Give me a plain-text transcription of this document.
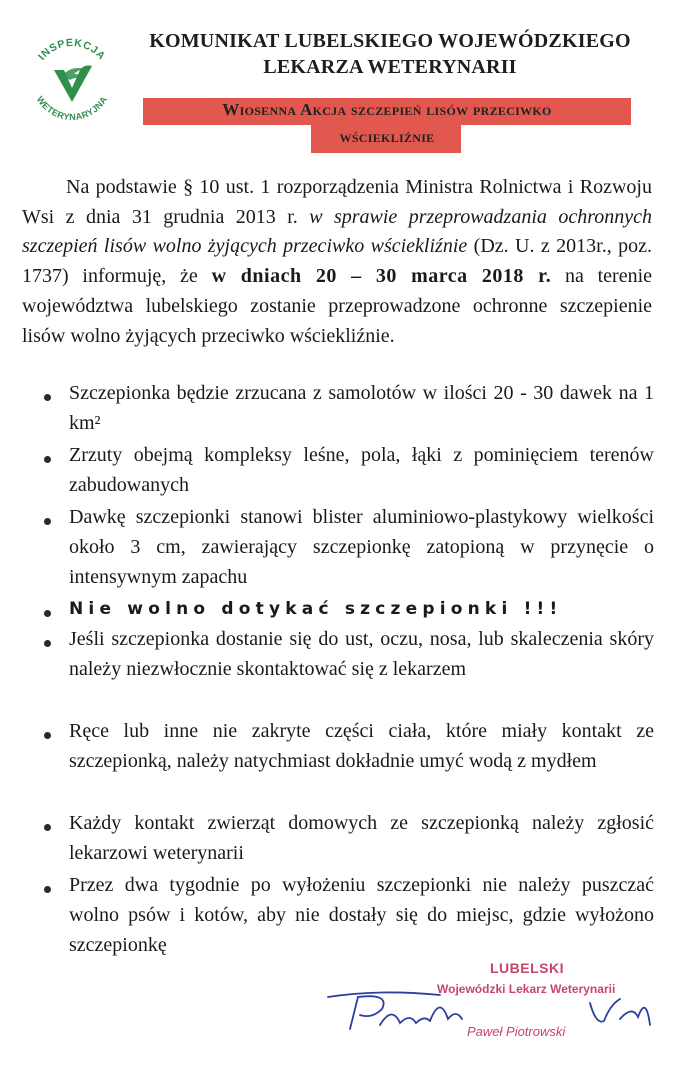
INSPEKCJA
WETERYNARYJNA
KOMUNIKAT LUBELSKIEGO WOJEWÓDZKIEGO
LEKARZA WETERYNARII
Wiosenna Akcja szczepień lisów przeciwko
wściekliźnie
Na podstawie § 10 ust. 1 rozporządzenia Ministra Rolnictwa i Rozwoju Wsi z dnia 31 grudnia 2013 r. w sprawie przeprowadzania ochronnych szczepień lisów wolno żyjących przeciwko wściekliźnie (Dz. U. z 2013r., poz. 1737) informuję, że w dniach 20 – 30 marca 2018 r. na terenie województwa lubelskiego zostanie przeprowadzone ochronne szczepienie lisów wolno żyjących przeciwko wściekliźnie.
Szczepionka będzie zrzucana z samolotów w ilości 20 - 30 dawek na 1 km²
Zrzuty obejmą kompleksy leśne, pola, łąki z pominięciem terenów zabudowanych
Dawkę szczepionki stanowi blister aluminiowo-plastykowy wielkości około 3 cm, zawierający szczepionkę zatopioną w przynęcie o intensywnym zapachu
Nie wolno dotykać szczepionki !!!
Jeśli szczepionka dostanie się do ust, oczu, nosa, lub skaleczenia skóry należy niezwłocznie skontaktować się z lekarzem
Ręce lub inne nie zakryte części ciała, które miały kontakt ze szczepionką, należy natychmiast dokładnie umyć wodą z mydłem
Każdy kontakt zwierząt domowych ze szczepionką należy zgłosić lekarzowi weterynarii
Przez dwa tygodnie po wyłożeniu szczepionki nie należy puszczać wolno psów i kotów, aby nie dostały się do miejsc, gdzie wyłożono szczepionkę
LUBELSKI
Wojewódzki Lekarz Weterynarii
Paweł Piotrowski
